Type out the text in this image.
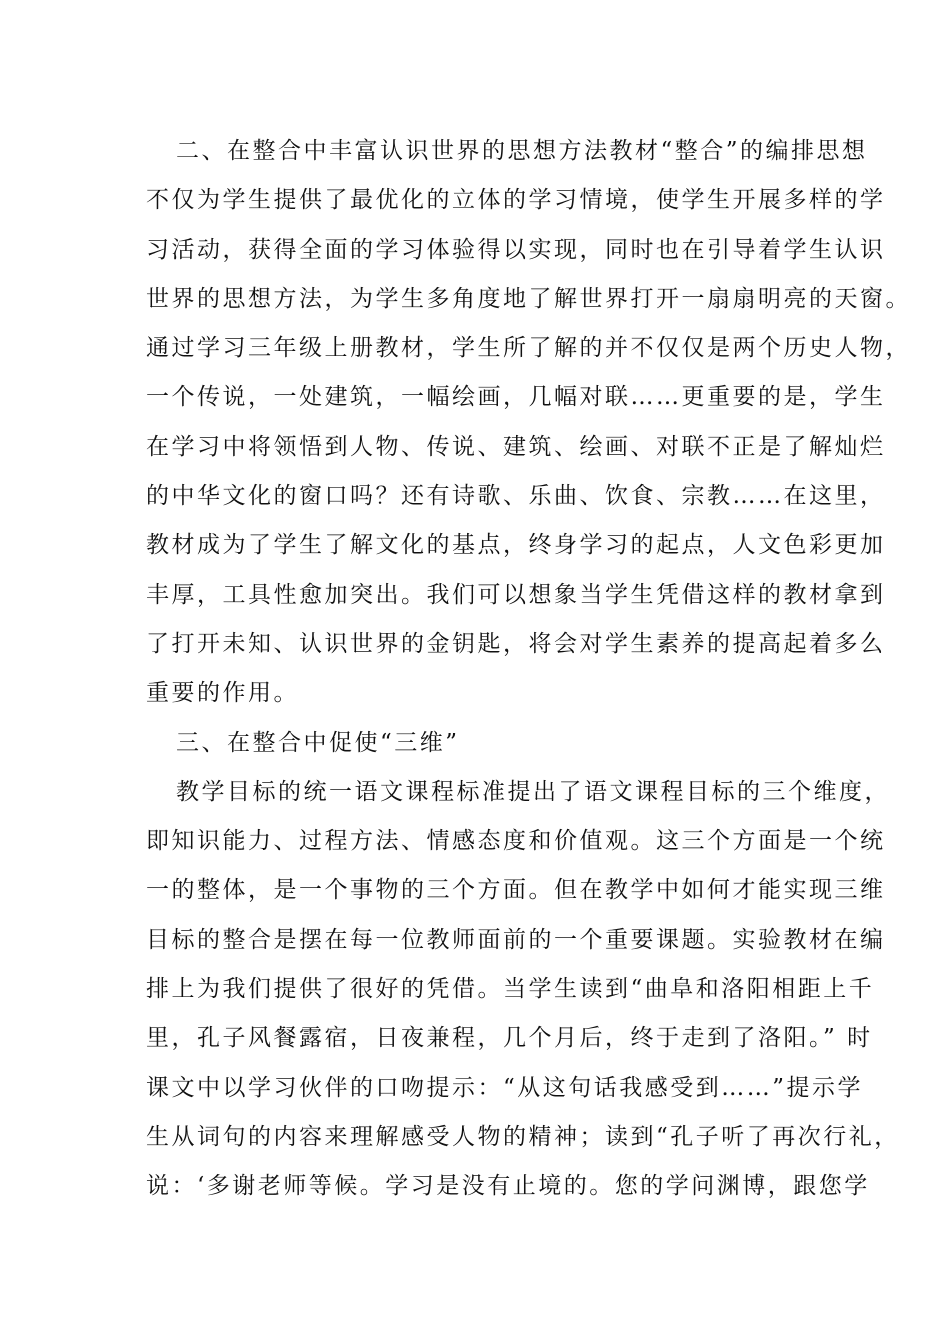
二、在整合中丰富认识世界的思想方法教材“整合”的编排思想
不仅为学生提供了最优化的立体的学习情境，使学生开展多样的学
习活动，获得全面的学习体验得以实现，同时也在引导着学生认识
世界的思想方法，为学生多角度地了解世界打开一扇扇明亮的天窗。
通过学习三年级上册教材，学生所了解的并不仅仅是两个历史人物，
一个传说，一处建筑，一幅绘画，几幅对联……更重要的是，学生
在学习中将领悟到人物、传说、建筑、绘画、对联不正是了解灿烂
的中华文化的窗口吗？还有诗歌、乐曲、饮食、宗教……在这里，
教材成为了学生了解文化的基点，终身学习的起点，人文色彩更加
丰厚，工具性愈加突出。我们可以想象当学生凭借这样的教材拿到
了打开未知、认识世界的金钥匙，将会对学生素养的提高起着多么
重要的作用。
三、在整合中促使“三维”
教学目标的统一语文课程标准提出了语文课程目标的三个维度，
即知识能力、过程方法、情感态度和价值观。这三个方面是一个统
一的整体，是一个事物的三个方面。但在教学中如何才能实现三维
目标的整合是摆在每一位教师面前的一个重要课题。实验教材在编
排上为我们提供了很好的凭借。当学生读到“曲阜和洛阳相距上千
里，孔子风餐露宿，日夜兼程，几个月后，终于走到了洛阳。” 时
课文中以学习伙伴的口吻提示：“从这句话我感受到……”提示学
生从词句的内容来理解感受人物的精神；读到“孔子听了再次行礼，
说：‘多谢老师等候。学习是没有止境的。您的学问渊博，跟您学
